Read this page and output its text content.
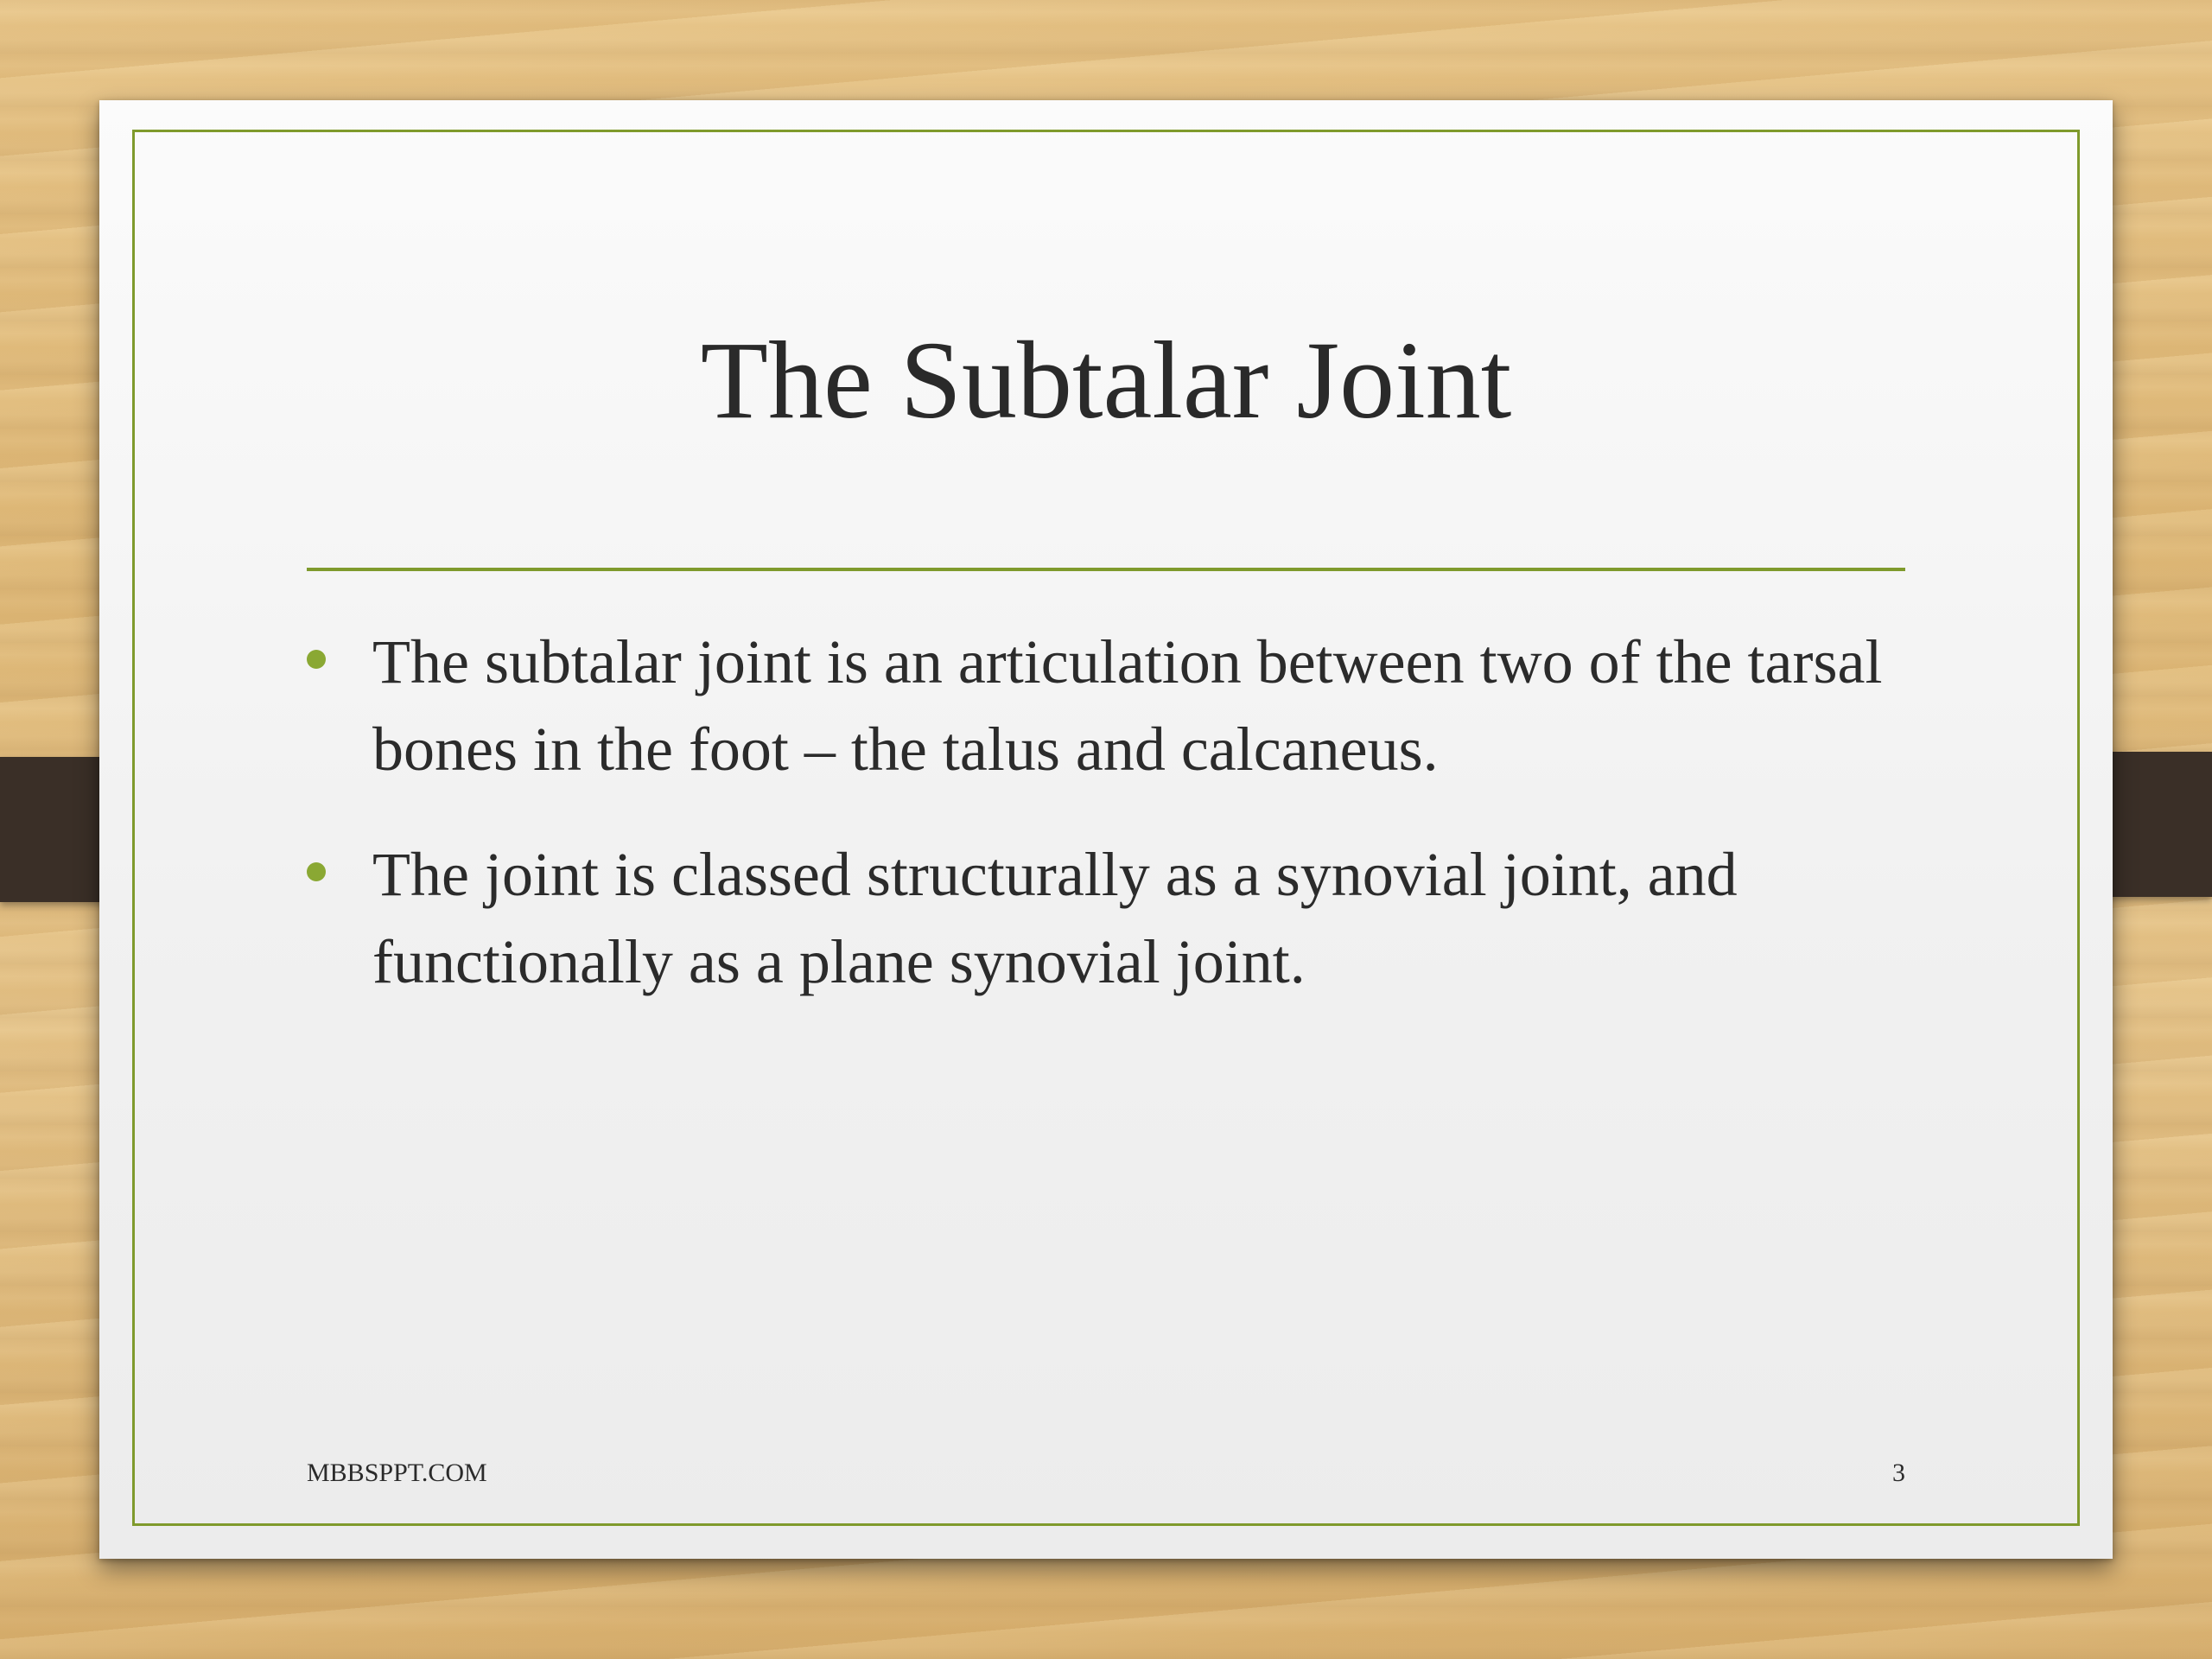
The Subtalar Joint
The subtalar joint is an articulation between two of the tarsal bones in the foot – the talus and calcaneus.
The joint is classed structurally as a synovial joint, and functionally as a plane synovial joint.
MBBSPPT.COM	3
